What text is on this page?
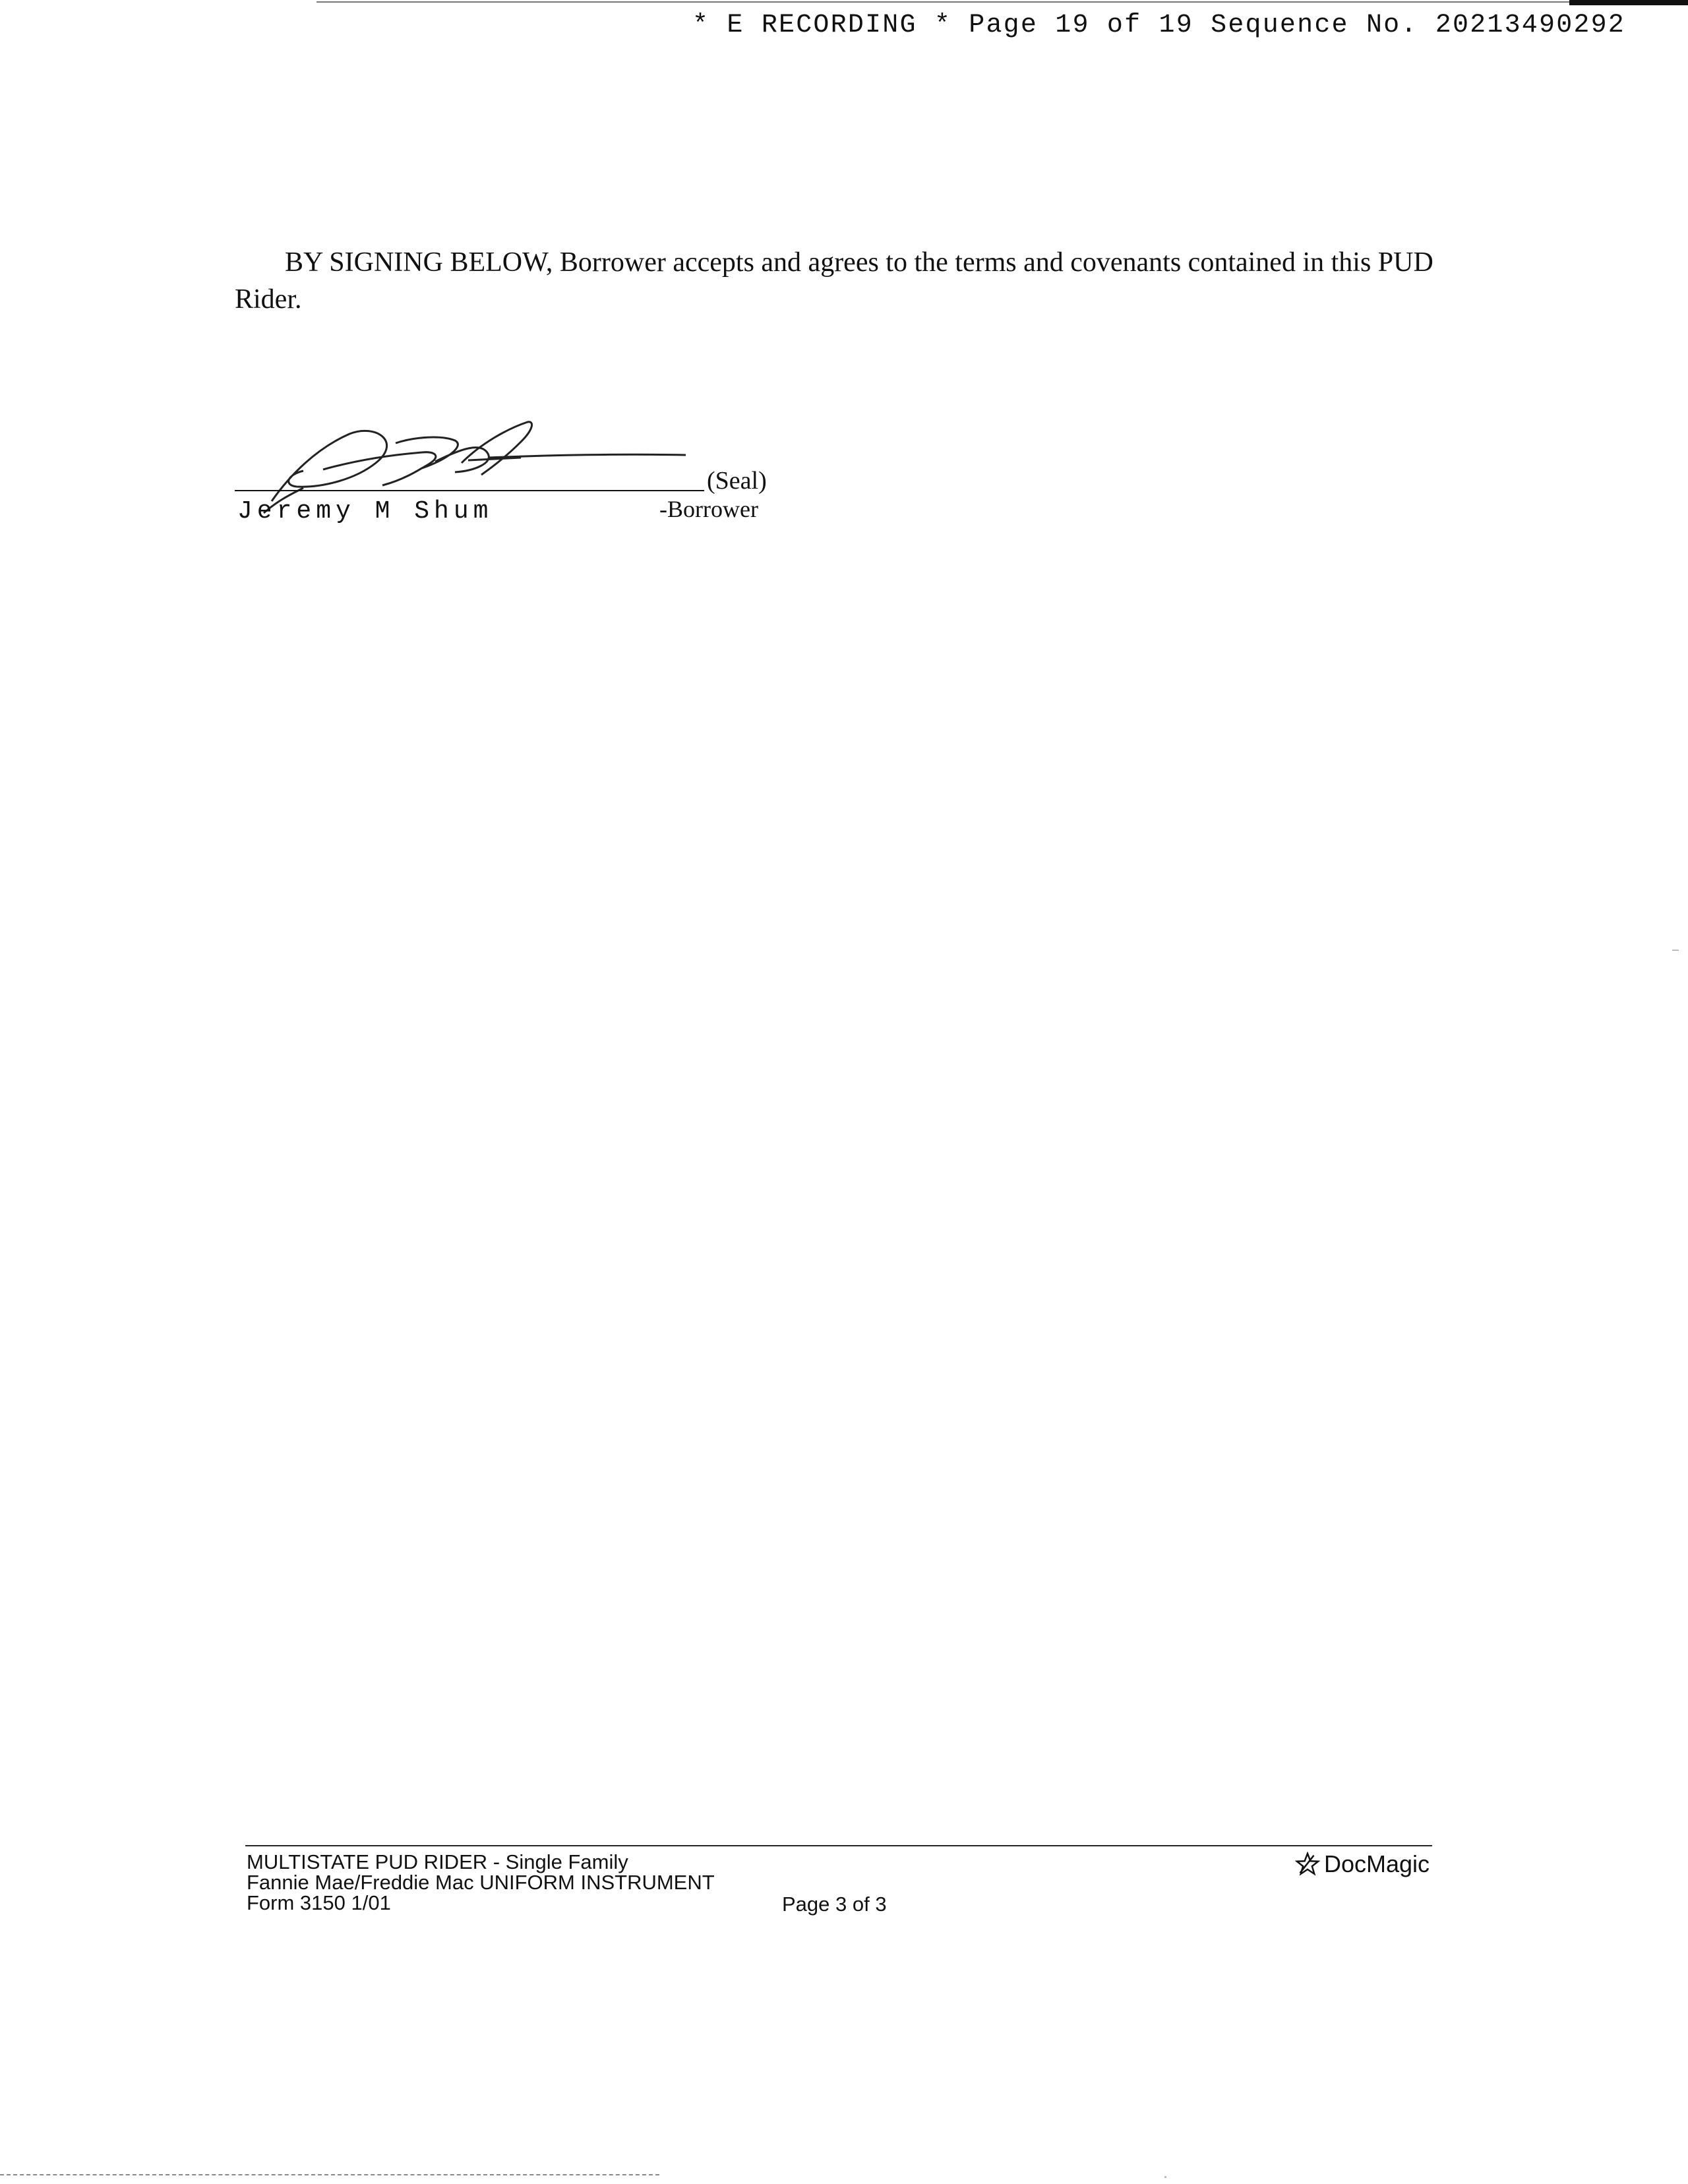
* E RECORDING * Page 19 of 19 Sequence No. 20213490292
BY SIGNING BELOW, Borrower accepts and agrees to the terms and covenants contained in this PUD Rider.
(Seal)
Jeremy M Shum	-Borrower
MULTISTATE PUD RIDER - Single Family
Fannie Mae/Freddie Mac UNIFORM INSTRUMENT
Form 3150 1/01	Page 3 of 3
DocMagic
